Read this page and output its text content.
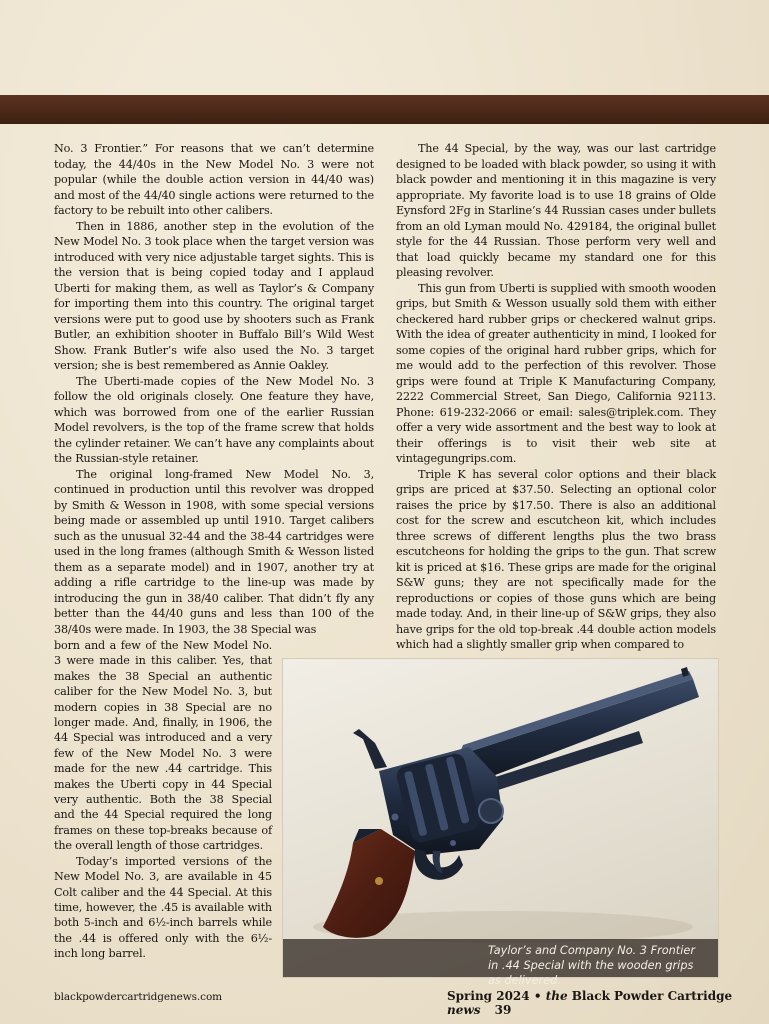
No. 3 Frontier.” For reasons that we can’t determine today, the 44/40s in the New Model No. 3 were not popular (while the double action version in 44/40 was) and most of the 44/40 single actions were returned to the factory to be rebuilt into other calibers.

Then in 1886, another step in the evolution of the New Model No. 3 took place when the target version was introduced with very nice adjustable target sights. This is the version that is being copied today and I applaud Uberti for making them, as well as Taylor’s & Company for importing them into this country. The original target versions were put to good use by shooters such as Frank Butler, an exhibition shooter in Buffalo Bill’s Wild West Show. Frank Butler’s wife also used the No. 3 target version; she is best remembered as Annie Oakley.

The Uberti-made copies of the New Model No. 3 follow the old originals closely. One feature they have, which was borrowed from one of the earlier Russian Model revolvers, is the top of the frame screw that holds the cylinder retainer. We can’t have any complaints about the Russian-style retainer.

The original long-framed New Model No. 3, continued in production until this revolver was dropped by Smith & Wesson in 1908, with some special versions being made or assembled up until 1910. Target calibers such as the unusual 32-44 and the 38-44 cartridges were used in the long frames (although Smith & Wesson listed them as a separate model) and in 1907, another try at adding a rifle cartridge to the line-up was made by introducing the gun in 38/40 caliber. That didn’t fly any better than the 44/40 guns and less than 100 of the 38/40s were made. In 1903, the 38 Special was

born and a few of the New Model No. 3 were made in this caliber. Yes, that makes the 38 Special an authentic caliber for the New Model No. 3, but modern copies in 38 Special are no longer made. And, finally, in 1906, the 44 Special was introduced and a very few of the New Model No. 3 were made for the new .44 cartridge. This makes the Uberti copy in 44 Special very authentic. Both the 38 Special and the 44 Special required the long frames on these top-breaks because of the overall length of those cartridges.

Today’s imported versions of the New Model No. 3, are available in 45 Colt caliber and the 44 Special. At this time, however, the .45 is available with both 5-inch and 6½-inch barrels while the .44 is offered only with the 6½-inch long barrel.

The 44 Special, by the way, was our last cartridge designed to be loaded with black powder, so using it with black powder and mentioning it in this magazine is very appropriate. My favorite load is to use 18 grains of Olde Eynsford 2Fg in Starline’s 44 Russian cases under bullets from an old Lyman mould No. 429184, the original bullet style for the 44 Russian. Those perform very well and that load quickly became my standard one for this pleasing revolver.

This gun from Uberti is supplied with smooth wooden grips, but Smith & Wesson usually sold them with either checkered hard rubber grips or checkered walnut grips. With the idea of greater authenticity in mind, I looked for some copies of the original hard rubber grips, which for me would add to the perfection of this revolver. Those grips were found at Triple K Manufacturing Company, 2222 Commercial Street, San Diego, California 92113. Phone: 619-232-2066 or email: sales@triplek.com. They offer a very wide assortment and the best way to look at their offerings is to visit their web site at vintagegungrips.com.

Triple K has several color options and their black grips are priced at $37.50. Selecting an optional color raises the price by $17.50. There is also an additional cost for the screw and escutcheon kit, which includes three screws of different lengths plus the two brass escutcheons for holding the grips to the gun. That screw kit is priced at $16. These grips are made for the original S&W guns; they are not specifically made for the reproductions or copies of those guns which are being made today. And, in their line-up of S&W grips, they also have grips for the old top-break .44 double action models which had a slightly smaller grip when compared to

Taylor’s and Company No. 3 Frontier in .44 Special with the wooden grips as delivered.
blackpowdercartridgenews.com	Spring 2024 • the Black Powder Cartridge news 39
